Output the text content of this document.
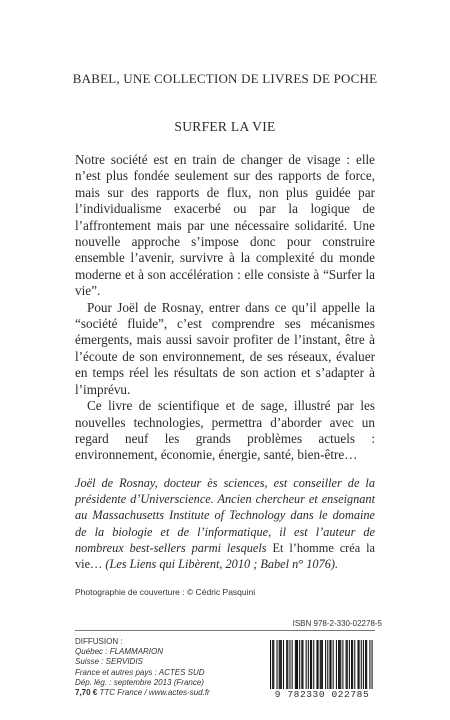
BABEL, UNE COLLECTION DE LIVRES DE POCHE
SURFER LA VIE

Notre société est en train de changer de visage : elle n’est plus fondée seulement sur des rapports de force, mais sur des rapports de flux, non plus guidée par l’individualisme exacerbé ou par la logique de l’affrontement mais par une nécessaire solidarité. Une nouvelle approche s’impose donc pour construire ensemble l’avenir, survivre à la complexité du monde moderne et à son accélération : elle consiste à “Surfer la vie”.

Pour Joël de Rosnay, entrer dans ce qu’il appelle la “société fluide”, c’est comprendre ses mécanismes émergents, mais aussi savoir profiter de l’instant, être à l’écoute de son environnement, de ses réseaux, évaluer en temps réel les résultats de son action et s’adapter à l’imprévu.

Ce livre de scientifique et de sage, illustré par les nouvelles technologies, permettra d’aborder avec un regard neuf les grands problèmes actuels : environnement, économie, énergie, santé, bien-être…

Joël de Rosnay, docteur ès sciences, est conseiller de la présidente d’Universcience. Ancien chercheur et enseignant au Massachusetts Institute of Technology dans le domaine de la biologie et de l’informatique, il est l’auteur de nombreux best-sellers parmi lesquels Et l’homme créa la vie… (Les Liens qui Libèrent, 2010 ; Babel n° 1076).
Photographie de couverture : © Cédric Pasquini
ISBN 978-2-330-02278-5
DIFFUSION :
Québec : FLAMMARION
Suisse : SERVIDIS
France et autres pays : ACTES SUD
Dép. lég. : septembre 2013 (France)
7,70 € TTC France / www.actes-sud.fr	9 782330 022785
